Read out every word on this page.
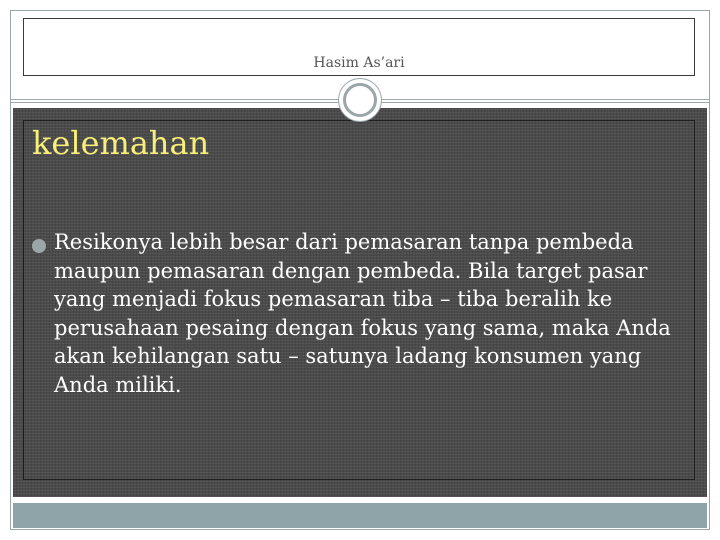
Hasim As’ari
kelemahan
Resikonya lebih besar dari pemasaran tanpa pembeda maupun pemasaran dengan pembeda. Bila target pasar yang menjadi fokus pemasaran tiba – tiba beralih ke perusahaan pesaing dengan fokus yang sama, maka Anda akan kehilangan satu – satunya ladang konsumen yang Anda miliki.
